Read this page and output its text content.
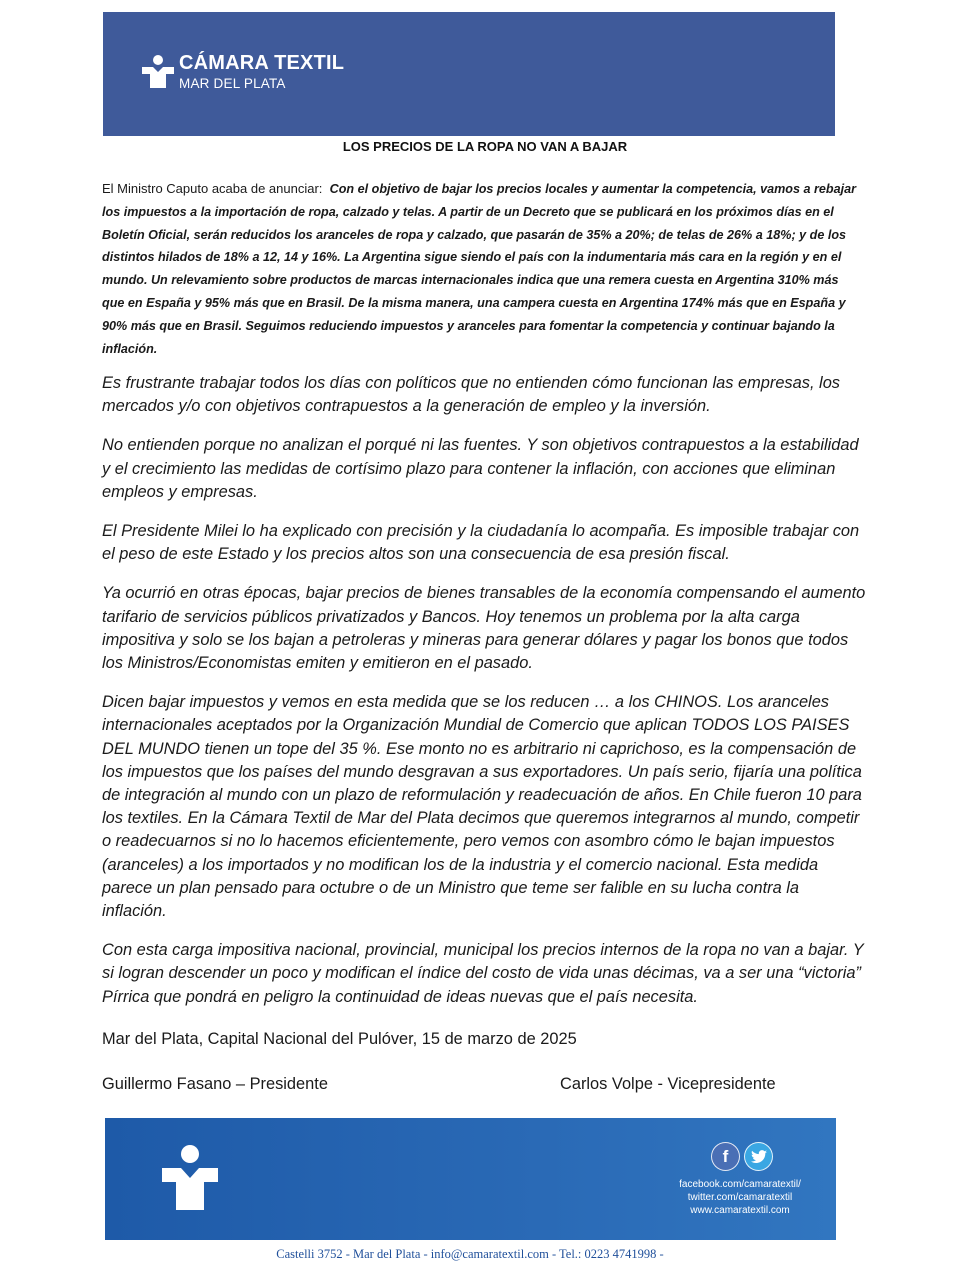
CÁMARA TEXTIL
MAR DEL PLATA
LOS PRECIOS DE LA ROPA NO VAN A BAJAR

El Ministro Caputo acaba de anunciar: Con el objetivo de bajar los precios locales y aumentar la competencia, vamos a rebajar los impuestos a la importación de ropa, calzado y telas. A partir de un Decreto que se publicará en los próximos días en el Boletín Oficial, serán reducidos los aranceles de ropa y calzado, que pasarán de 35% a 20%; de telas de 26% a 18%; y de los distintos hilados de 18% a 12, 14 y 16%. La Argentina sigue siendo el país con la indumentaria más cara en la región y en el mundo. Un relevamiento sobre productos de marcas internacionales indica que una remera cuesta en Argentina 310% más que en España y 95% más que en Brasil. De la misma manera, una campera cuesta en Argentina 174% más que en España y 90% más que en Brasil. Seguimos reduciendo impuestos y aranceles para fomentar la competencia y continuar bajando la inflación.

Es frustrante trabajar todos los días con políticos que no entienden cómo funcionan las empresas, los mercados y/o con objetivos contrapuestos a la generación de empleo y la inversión.

No entienden porque no analizan el porqué ni las fuentes. Y son objetivos contrapuestos a la estabilidad y el crecimiento las medidas de cortísimo plazo para contener la inflación, con acciones que eliminan empleos y empresas.

El Presidente Milei lo ha explicado con precisión y la ciudadanía lo acompaña. Es imposible trabajar con el peso de este Estado y los precios altos son una consecuencia de esa presión fiscal.

Ya ocurrió en otras épocas, bajar precios de bienes transables de la economía compensando el aumento tarifario de servicios públicos privatizados y Bancos. Hoy tenemos un problema por la alta carga impositiva y solo se los bajan a petroleras y mineras para generar dólares y pagar los bonos que todos los Ministros/Economistas emiten y emitieron en el pasado.

Dicen bajar impuestos y vemos en esta medida que se los reducen … a los CHINOS. Los aranceles internacionales aceptados por la Organización Mundial de Comercio que aplican TODOS LOS PAISES DEL MUNDO tienen un tope del 35 %. Ese monto no es arbitrario ni caprichoso, es la compensación de los impuestos que los países del mundo desgravan a sus exportadores. Un país serio, fijaría una política de integración al mundo con un plazo de reformulación y readecuación de años. En Chile fueron 10 para los textiles. En la Cámara Textil de Mar del Plata decimos que queremos integrarnos al mundo, competir o readecuarnos si no lo hacemos eficientemente, pero vemos con asombro cómo le bajan impuestos (aranceles) a los importados y no modifican los de la industria y el comercio nacional. Esta medida parece un plan pensado para octubre o de un Ministro que teme ser falible en su lucha contra la inflación.

Con esta carga impositiva nacional, provincial, municipal los precios internos de la ropa no van a bajar. Y si logran descender un poco y modifican el índice del costo de vida unas décimas, va a ser una “victoria” Pírrica que pondrá en peligro la continuidad de ideas nuevas que el país necesita.

Mar del Plata, Capital Nacional del Pulóver, 15 de marzo de 2025
Guillermo Fasano – Presidente	Carlos Volpe - Vicepresidente
f
facebook.com/camaratextil/
twitter.com/camaratextil
www.camaratextil.com
Castelli 3752 - Mar del Plata - info@camaratextil.com - Tel.: 0223 4741998 -
